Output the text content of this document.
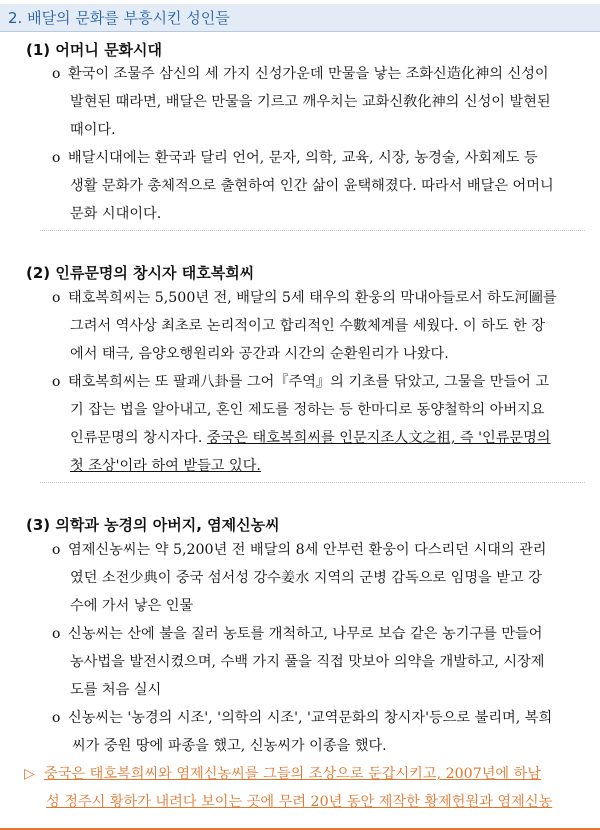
2. 배달의 문화를 부흥시킨 성인들
(1) 어머니 문화시대
o 환국이 조물주 삼신의 세 가지 신성가운데 만물을 낳는 조화신造化神의 신성이
발현된 때라면, 배달은 만물을 기르고 깨우치는 교화신敎化神의 신성이 발현된
때이다.
o 배달시대에는 환국과 달리 언어, 문자, 의학, 교육, 시장, 농경술, 사회제도 등
생활 문화가 총체적으로 출현하여 인간 삶이 윤택해졌다. 따라서 배달은 어머니
문화 시대이다.
(2) 인류문명의 창시자 태호복희씨
o 태호복희씨는 5,500년 전, 배달의 5세 태우의 환웅의 막내아들로서 하도河圖를
그려서 역사상 최초로 논리적이고 합리적인 수數체계를 세웠다. 이 하도 한 장
에서 태극, 음양오행원리와 공간과 시간의 순환원리가 나왔다.
o 태호복희씨는 또 팔괘八卦를 그어『주역』의 기초를 닦았고, 그물을 만들어 고
기 잡는 법을 알아내고, 혼인 제도를 정하는 등 한마디로 동양철학의 아버지요
인류문명의 창시자다. 중국은 태호복희씨를 인문지조人文之祖, 즉 '인류문명의
첫 조상'이라 하여 받들고 있다.
(3) 의학과 농경의 아버지, 염제신농씨
o 염제신농씨는 약 5,200년 전 배달의 8세 안부런 환웅이 다스리던 시대의 관리
였던 소전少典이 중국 섬서성 강수姜水 지역의 군병 감독으로 임명을 받고 강
수에 가서 낳은 인물
o 신농씨는 산에 불을 질러 농토를 개척하고, 나무로 보습 같은 농기구를 만들어
농사법을 발전시켰으며, 수백 가지 풀을 직접 맛보아 의약을 개발하고, 시장제
도를 처음 실시
o 신농씨는 '농경의 시조', '의학의 시조', '교역문화의 창시자'등으로 불리며, 복희
씨가 중원 땅에 파종을 했고, 신농씨가 이종을 했다.
▷ 중국은 태호복희씨와 염제신농씨를 그들의 조상으로 둔갑시키고, 2007년에 하남
성 정주시 황하가 내려다 보이는 곳에 무려 20년 동안 제작한 황제헌원과 염제신농
